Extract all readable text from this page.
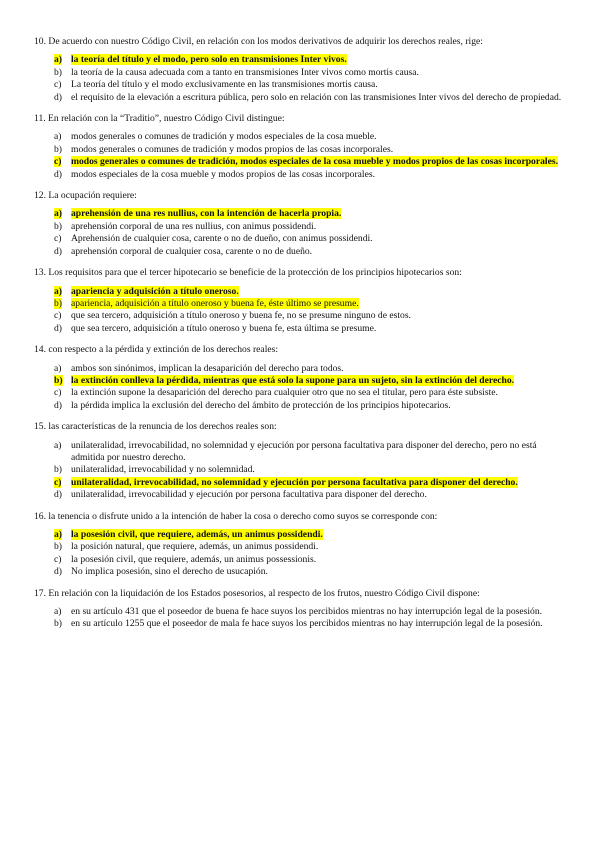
10. De acuerdo con nuestro Código Civil, en relación con los modos derivativos de adquirir los derechos reales, rige:
a) la teoría del título y el modo, pero solo en transmisiones Inter vivos.
b) la teoría de la causa adecuada com a tanto en transmisiones Inter vivos como mortis causa.
c) La teoría del título y el modo exclusivamente en las transmisiones mortis causa.
d) el requisito de la elevación a escritura pública, pero solo en relación con las transmisiones Inter vivos del derecho de propiedad.
11. En relación con la “Traditio”, nuestro Código Civil distingue:
a) modos generales o comunes de tradición y modos especiales de la cosa mueble.
b) modos generales o comunes de tradición y modos propios de las cosas incorporales.
c) modos generales o comunes de tradición, modos especiales de la cosa mueble y modos propios de las cosas incorporales.
d) modos especiales de la cosa mueble y modos propios de las cosas incorporales.
12. La ocupación requiere:
a) aprehensión de una res nullius, con la intención de hacerla propia.
b) aprehensión corporal de una res nullius, con animus possidendi.
c) Aprehensión de cualquier cosa, carente o no de dueño, con animus possidendi.
d) aprehensión corporal de cualquier cosa, carente o no de dueño.
13. Los requisitos para que el tercer hipotecario se beneficie de la protección de los principios hipotecarios son:
a) apariencia y adquisición a título oneroso.
b) apariencia, adquisición a título oneroso y buena fe, éste último se presume.
c) que sea tercero, adquisición a título oneroso y buena fe, no se presume ninguno de estos.
d) que sea tercero, adquisición a título oneroso y buena fe, esta última se presume.
14. con respecto a la pérdida y extinción de los derechos reales:
a) ambos son sinónimos, implican la desaparición del derecho para todos.
b) la extinción conlleva la pérdida, mientras que está solo la supone para un sujeto, sin la extinción del derecho.
c) la extinción supone la desaparición del derecho para cualquier otro que no sea el titular, pero para éste subsiste.
d) la pérdida implica la exclusión del derecho del ámbito de protección de los principios hipotecarios.
15. las características de la renuncia de los derechos reales son:
a) unilateralidad, irrevocabilidad, no solemnidad y ejecución por persona facultativa para disponer del derecho, pero no está admitida por nuestro derecho.
b) unilateralidad, irrevocabilidad y no solemnidad.
c) unilateralidad, irrevocabilidad, no solemnidad y ejecución por persona facultativa para disponer del derecho.
d) unilateralidad, irrevocabilidad y ejecución por persona facultativa para disponer del derecho.
16. la tenencia o disfrute unido a la intención de haber la cosa o derecho como suyos se corresponde con:
a) la posesión civil, que requiere, además, un animus possidendi.
b) la posición natural, que requiere, además, un animus possidendi.
c) la posesión civil, que requiere, además, un animus possessionis.
d) No implica posesión, sino el derecho de usucapión.
17. En relación con la liquidación de los Estados posesorios, al respecto de los frutos, nuestro Código Civil dispone:
a) en su artículo 431 que el poseedor de buena fe hace suyos los percibidos mientras no hay interrupción legal de la posesión.
b) en su artículo 1255 que el poseedor de mala fe hace suyos los percibidos mientras no hay interrupción legal de la posesión.
